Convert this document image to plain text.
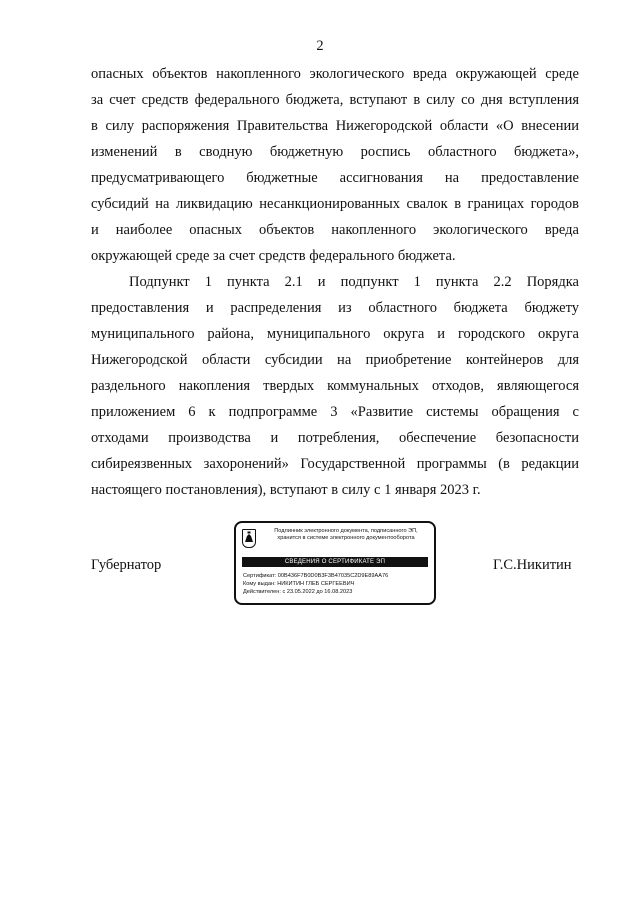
2
опасных объектов накопленного экологического вреда окружающей среде
за счет средств федерального бюджета, вступают в силу со дня вступления
в силу распоряжения Правительства Нижегородской области «О внесении
изменений в сводную бюджетную роспись областного бюджета»,
предусматривающего бюджетные ассигнования на предоставление
субсидий на ликвидацию несанкционированных свалок в границах городов
и наиболее опасных объектов накопленного экологического вреда
окружающей среде за счет средств федерального бюджета.
Подпункт 1 пункта 2.1 и подпункт 1 пункта 2.2 Порядка
предоставления и распределения из областного бюджета бюджету
муниципального района, муниципального округа и городского округа
Нижегородской области субсидии на приобретение контейнеров для
раздельного накопления твердых коммунальных отходов, являющегося
приложением 6 к подпрограмме 3 «Развитие системы обращения с
отходами производства и потребления, обеспечение безопасности
сибиреязвенных захоронений» Государственной программы (в редакции
настоящего постановления), вступают в силу с 1 января 2023 г.
Губернатор
Подлинник электронного документа, подписанного ЭП,
хранится в системе электронного документооборота
СВЕДЕНИЯ О СЕРТИФИКАТЕ ЭП
Сертификат: 00B436F7B0D0B3F3B47035C2D9E89AA76
Кому выдан: НИКИТИН ГЛЕБ СЕРГЕЕВИЧ
Действителен: с 23.05.2022 до 16.08.2023
Г.С.Никитин
